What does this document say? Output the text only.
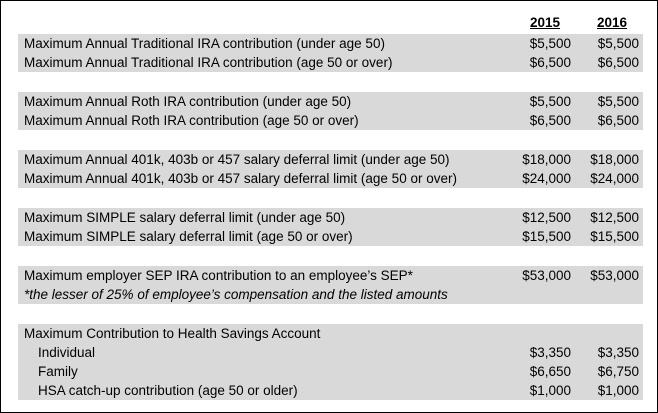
2015	2016
Maximum Annual Traditional IRA contribution (under age 50)	$5,500 $5,500
Maximum Annual Traditional IRA contribution (age 50 or over)	$6,500 $6,500
Maximum Annual Roth IRA contribution (under age 50)	$5,500 $5,500
Maximum Annual Roth IRA contribution (age 50 or over)	$6,500 $6,500
Maximum Annual 401k, 403b or 457 salary deferral limit (under age 50)	$18,000 $18,000
Maximum Annual 401k, 403b or 457 salary deferral limit (age 50 or over)	$24,000 $24,000
Maximum SIMPLE salary deferral limit (under age 50)	$12,500 $12,500
Maximum SIMPLE salary deferral limit (age 50 or over)	$15,500 $15,500
Maximum employer SEP IRA contribution to an employee’s SEP*	$53,000 $53,000
*the lesser of 25% of employee’s compensation and the listed amounts
Maximum Contribution to Health Savings Account
Individual	$3,350 $3,350
Family	$6,650 $6,750
HSA catch-up contribution (age 50 or older)	$1,000 $1,000
